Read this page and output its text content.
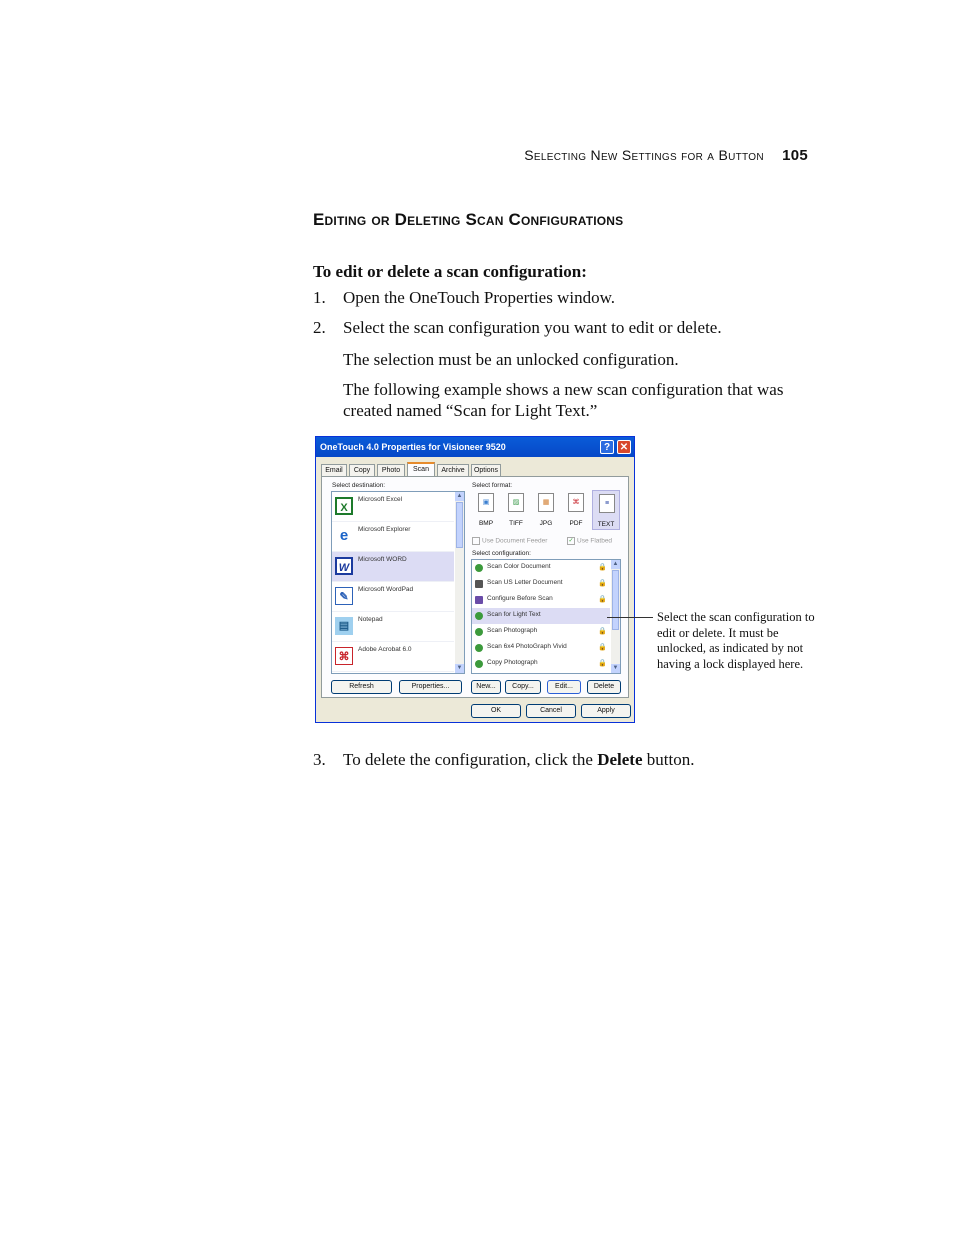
Selecting New Settings for a Button 105
Editing or Deleting Scan Configurations
To edit or delete a scan configuration:
1. Open the OneTouch Properties window.
2. Select the scan configuration you want to edit or delete.
The selection must be an unlocked configuration.
The following example shows a new scan configuration that was created named “Scan for Light Text.”
OneTouch 4.0 Properties for Visioneer 9520	? ✕
Email	Copy	Photo	Scan	Archive	Options
Select destination:
X
Microsoft Excel
e	Microsoft Explorer
W
Microsoft WORD
✎
Microsoft WordPad
▤
Notepad
⌘
Adobe Acrobat 6.0
▲
▼
Select format:
▣
BMP
▨
TIFF
▦
JPG
⌘
PDF
≡
TEXT
Use Document Feeder	✓ Use Flatbed
Select configuration:
Scan Color Document	🔒
Scan US Letter Document	🔒
Configure Before Scan	🔒
Scan for Light Text
Scan Photograph	🔒
Scan 6x4 PhotoGraph Vivid	🔒
Copy Photograph	🔒
▲
▼
Refresh	Properties...	New...	Copy...	Edit...	Delete
OK	Cancel	Apply
Select the scan configuration to edit or delete. It must be unlocked, as indicated by not having a lock displayed here.
3. To delete the configuration, click the Delete button.
